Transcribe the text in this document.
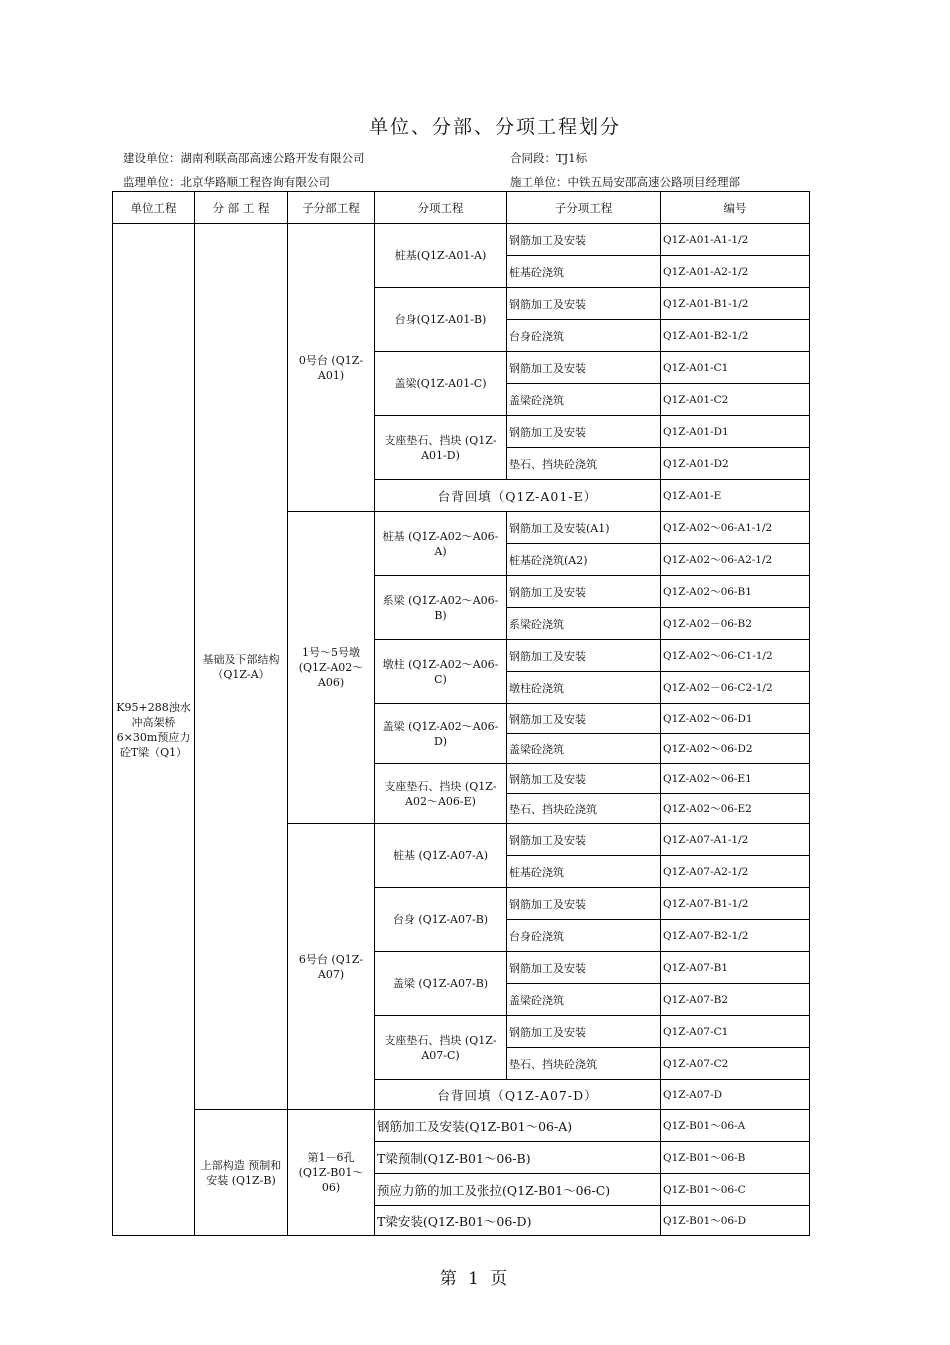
单位、分部、分项工程划分
建设单位：湖南利联高邵高速公路开发有限公司	合同段：TJ1标
监理单位：北京华路顺工程咨询有限公司	施工单位：中铁五局安邵高速公路项目经理部
单位工程	分 部 工 程	子分部工程	分项工程	子分项工程	编号
K95+288浊水冲高架桥6×30m预应力砼T梁（Q1）	基础及下部结构（Q1Z-A）	0号台 (Q1Z-A01)	桩基(Q1Z-A01-A)	钢筋加工及安装	Q1Z-A01-A1-1/2
				桩基砼浇筑	Q1Z-A01-A2-1/2
			台身(Q1Z-A01-B)	钢筋加工及安装	Q1Z-A01-B1-1/2
				台身砼浇筑	Q1Z-A01-B2-1/2
			盖梁(Q1Z-A01-C)	钢筋加工及安装	Q1Z-A01-C1
				盖梁砼浇筑	Q1Z-A01-C2
			支座垫石、挡块 (Q1Z-A01-D)	钢筋加工及安装	Q1Z-A01-D1
				垫石、挡块砼浇筑	Q1Z-A01-D2
			台背回填（Q1Z-A01-E）		Q1Z-A01-E
		1号～5号墩 (Q1Z-A02～ A06)	桩基 (Q1Z-A02～A06-A)	钢筋加工及安装(A1)	Q1Z-A02～06-A1-1/2
				桩基砼浇筑(A2)	Q1Z-A02～06-A2-1/2
			系梁 (Q1Z-A02～A06-B)	钢筋加工及安装	Q1Z-A02～06-B1
				系梁砼浇筑	Q1Z-A02－06-B2
			墩柱 (Q1Z-A02～A06-C)	钢筋加工及安装	Q1Z-A02～06-C1-1/2
				墩柱砼浇筑	Q1Z-A02－06-C2-1/2
			盖梁 (Q1Z-A02～A06-D)	钢筋加工及安装	Q1Z-A02～06-D1
				盖梁砼浇筑	Q1Z-A02～06-D2
			支座垫石、挡块 (Q1Z-A02～A06-E)	钢筋加工及安装	Q1Z-A02～06-E1
				垫石、挡块砼浇筑	Q1Z-A02～06-E2
		6号台 (Q1Z-A07)	桩基 (Q1Z-A07-A)	钢筋加工及安装	Q1Z-A07-A1-1/2
				桩基砼浇筑	Q1Z-A07-A2-1/2
			台身 (Q1Z-A07-B)	钢筋加工及安装	Q1Z-A07-B1-1/2
				台身砼浇筑	Q1Z-A07-B2-1/2
			盖梁 (Q1Z-A07-B)	钢筋加工及安装	Q1Z-A07-B1
				盖梁砼浇筑	Q1Z-A07-B2
			支座垫石、挡块 (Q1Z-A07-C)	钢筋加工及安装	Q1Z-A07-C1
				垫石、挡块砼浇筑	Q1Z-A07-C2
			台背回填（Q1Z-A07-D）		Q1Z-A07-D
	上部构造 预制和安装 (Q1Z-B)	第1－6孔 (Q1Z-B01～ 06)	钢筋加工及安装(Q1Z-B01～06-A)		Q1Z-B01～06-A
			T梁预制(Q1Z-B01～06-B)		Q1Z-B01～06-B
			预应力筋的加工及张拉(Q1Z-B01～06-C)		Q1Z-B01～06-C
			T梁安装(Q1Z-B01～06-D)		Q1Z-B01～06-D
第 1 页
